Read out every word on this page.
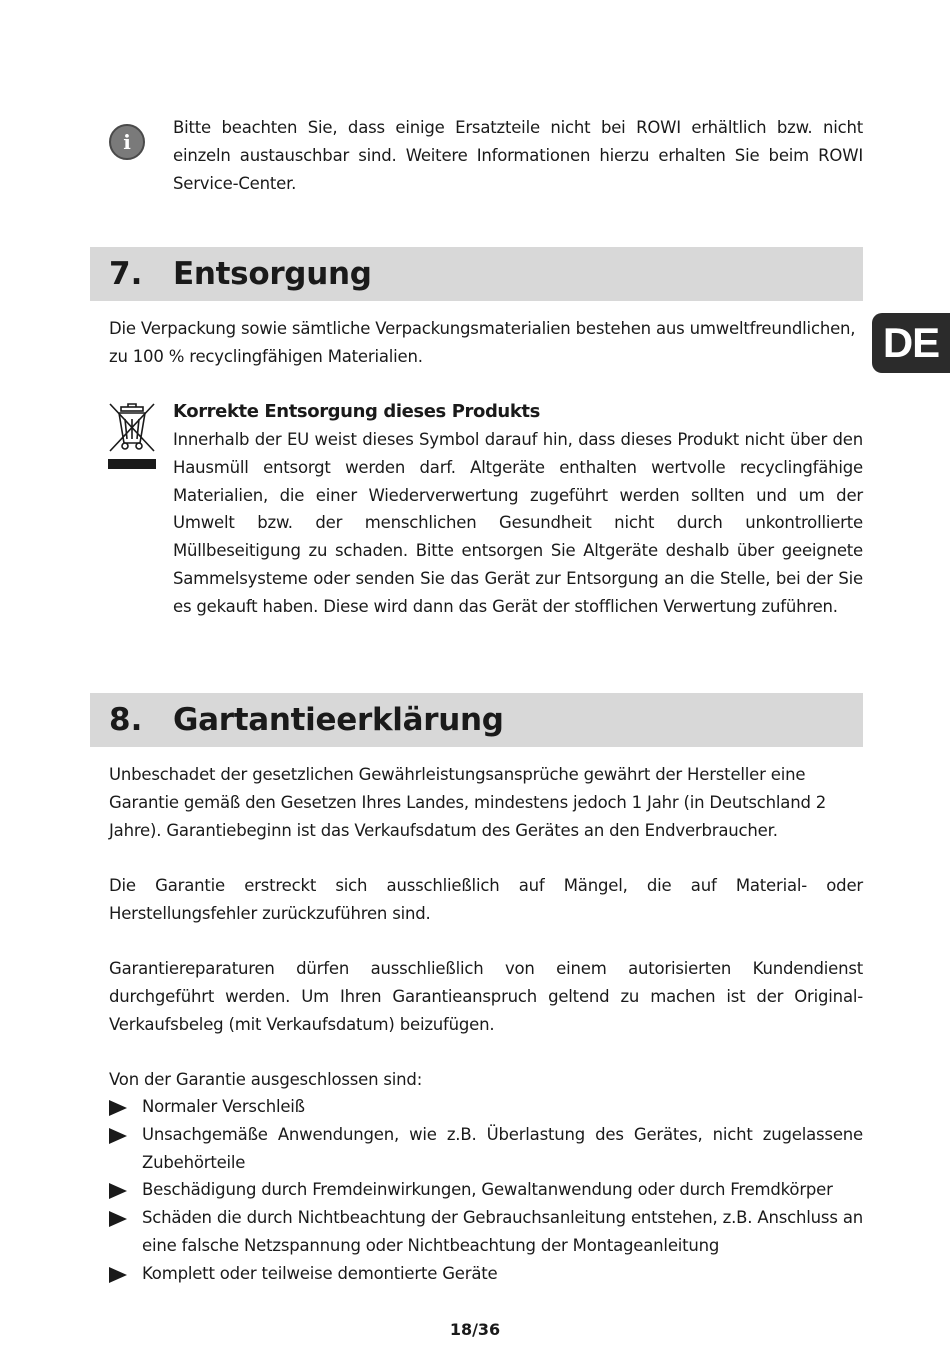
i
Bitte beachten Sie, dass einige Ersatzteile nicht bei ROWI erhältlich bzw. nicht einzeln austauschbar sind. Weitere Informationen hierzu erhalten Sie beim ROWI Service-Center.
DE
7. Entsorgung
Die Verpackung sowie sämtliche Verpackungsmaterialien bestehen aus umweltfreundlichen, zu 100 % recyclingfähigen Materialien.
Korrekte Entsorgung dieses Produkts
Innerhalb der EU weist dieses Symbol darauf hin, dass dieses Produkt nicht über den Hausmüll entsorgt werden darf. Altgeräte enthalten wertvolle recyclingfähige Materialien, die einer Wiederverwertung zugeführt werden sollten und um der Umwelt bzw. der menschlichen Gesundheit nicht durch unkontrollierte Müllbeseitigung zu schaden. Bitte entsorgen Sie Altgeräte deshalb über geeignete Sammelsysteme oder senden Sie das Gerät zur Entsorgung an die Stelle, bei der Sie es gekauft haben. Diese wird dann das Gerät der stofflichen Verwertung zuführen.
8. Gartantieerklärung
Unbeschadet der gesetzlichen Gewährleistungsansprüche gewährt der Hersteller eine Garantie gemäß den Gesetzen Ihres Landes, mindestens jedoch 1 Jahr (in Deutschland 2 Jahre). Garantiebeginn ist das Verkaufsdatum des Gerätes an den Endverbraucher.
Die Garantie erstreckt sich ausschließlich auf Mängel, die auf Material- oder Herstellungsfehler zurückzuführen sind.
Garantiereparaturen dürfen ausschließlich von einem autorisierten Kundendienst durchgeführt werden. Um Ihren Garantieanspruch geltend zu machen ist der Original-Verkaufsbeleg (mit Verkaufsdatum) beizufügen.
Von der Garantie ausgeschlossen sind:
Normaler Verschleiß
Unsachgemäße Anwendungen, wie z.B. Überlastung des Gerätes, nicht zugelassene Zubehörteile
Beschädigung durch Fremdeinwirkungen, Gewaltanwendung oder durch Fremdkörper
Schäden die durch Nichtbeachtung der Gebrauchsanleitung entstehen, z.B. Anschluss an eine falsche Netzspannung oder Nichtbeachtung der Montageanleitung
Komplett oder teilweise demontierte Geräte
18/36
